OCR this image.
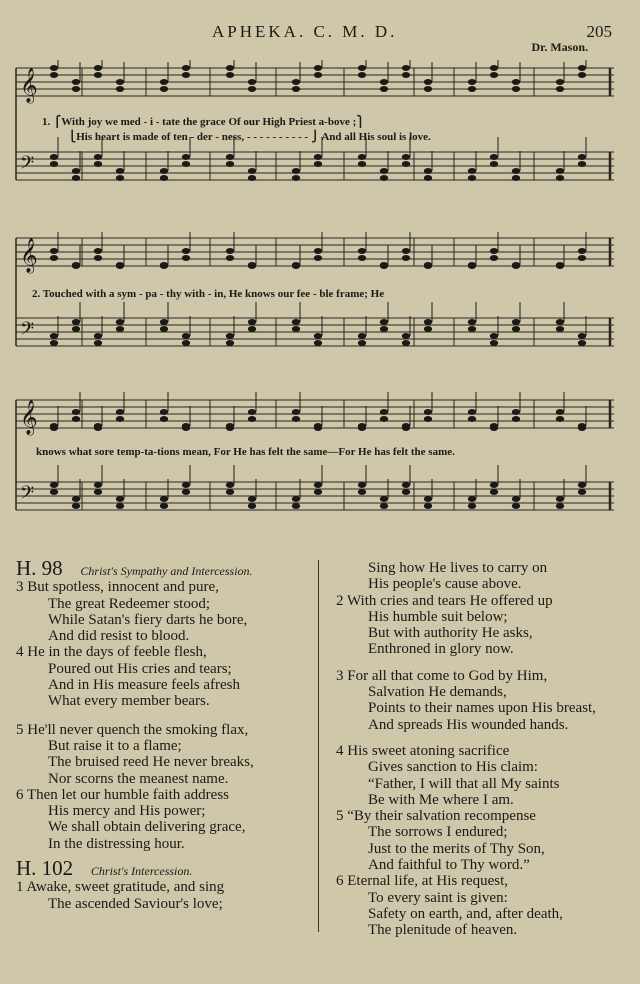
APHEKA. C. M. D.	205
Dr. Mason.
𝄞
𝄢
1. ⎧With joy we med - i - tate the grace Of our High Priest a-bove ;⎫
⎩His heart is made of ten - der - ness, - - - - - - - - - - ⎭ And all His soul is love.
𝄞
𝄢
2. Touched with a sym - pa - thy with - in, He knows our fee - ble frame; He
𝄞
𝄢
knows what sore temp-ta-tions mean, For He has felt the same—For He has felt the same.
H. 98 Christ's Sympathy and Intercession.
3 But spotless, innocent and pure,
The great Redeemer stood;
While Satan's fiery darts he bore,
And did resist to blood.
4 He in the days of feeble flesh,
Poured out His cries and tears;
And in His measure feels afresh
What every member bears.
5 He'll never quench the smoking flax,
But raise it to a flame;
The bruised reed He never breaks,
Nor scorns the meanest name.
6 Then let our humble faith address
His mercy and His power;
We shall obtain delivering grace,
In the distressing hour.
H. 102 Christ's Intercession.
1 Awake, sweet gratitude, and sing
The ascended Saviour's love;
Sing how He lives to carry on
His people's cause above.
2 With cries and tears He offered up
His humble suit below;
But with authority He asks,
Enthroned in glory now.
3 For all that come to God by Him,
Salvation He demands,
Points to their names upon His breast,
And spreads His wounded hands.
4 His sweet atoning sacrifice
Gives sanction to His claim:
“Father, I will that all My saints
Be with Me where I am.
5 “By their salvation recompense
The sorrows I endured;
Just to the merits of Thy Son,
And faithful to Thy word.”
6 Eternal life, at His request,
To every saint is given:
Safety on earth, and, after death,
The plenitude of heaven.
